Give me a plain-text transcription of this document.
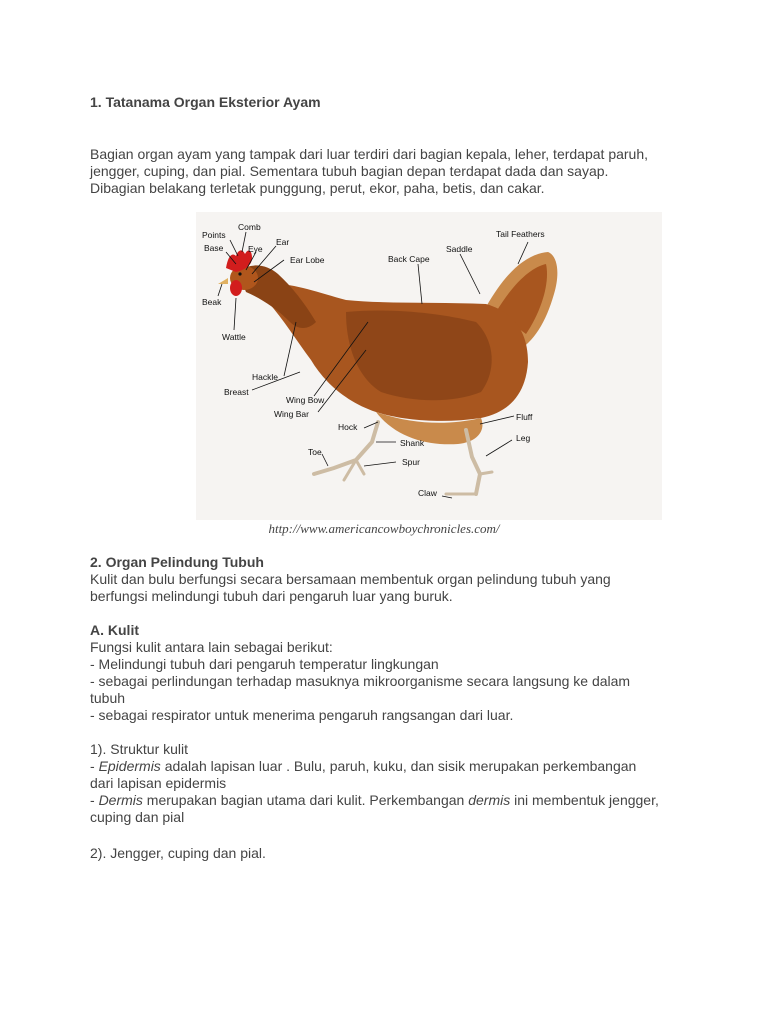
1. Tatanama Organ Eksterior Ayam

Bagian organ ayam yang tampak dari luar terdiri dari bagian kepala, leher, terdapat paruh,

jengger, cuping, dan pial. Sementara tubuh bagian depan terdapat dada dan sayap.

Dibagian belakang terletak punggung, perut, ekor, paha, betis, dan cakar.

Points
Comb
Base	Eye
Ear
Ear Lobe
Beak
Wattle
Back Cape
Saddle
Tail Feathers
Hackle
Breast
Wing Bow
Wing Bar
Hock
Shank
Toe
Spur
Claw
Fluff
Leg
http://www.americancowboychronicles.com/

2. Organ Pelindung Tubuh

Kulit dan bulu berfungsi secara bersamaan membentuk organ pelindung tubuh yang

berfungsi melindungi tubuh dari pengaruh luar yang buruk.

A. Kulit

Fungsi kulit antara lain sebagai berikut:

- Melindungi tubuh dari pengaruh temperatur lingkungan

- sebagai perlindungan terhadap masuknya mikroorganisme secara langsung ke dalam

tubuh

- sebagai respirator untuk menerima pengaruh rangsangan dari luar.

1). Struktur kulit

- Epidermis adalah lapisan luar . Bulu, paruh, kuku, dan sisik merupakan perkembangan

dari lapisan epidermis

- Dermis merupakan bagian utama dari kulit. Perkembangan dermis ini membentuk jengger,

cuping dan pial

2). Jengger, cuping dan pial.
